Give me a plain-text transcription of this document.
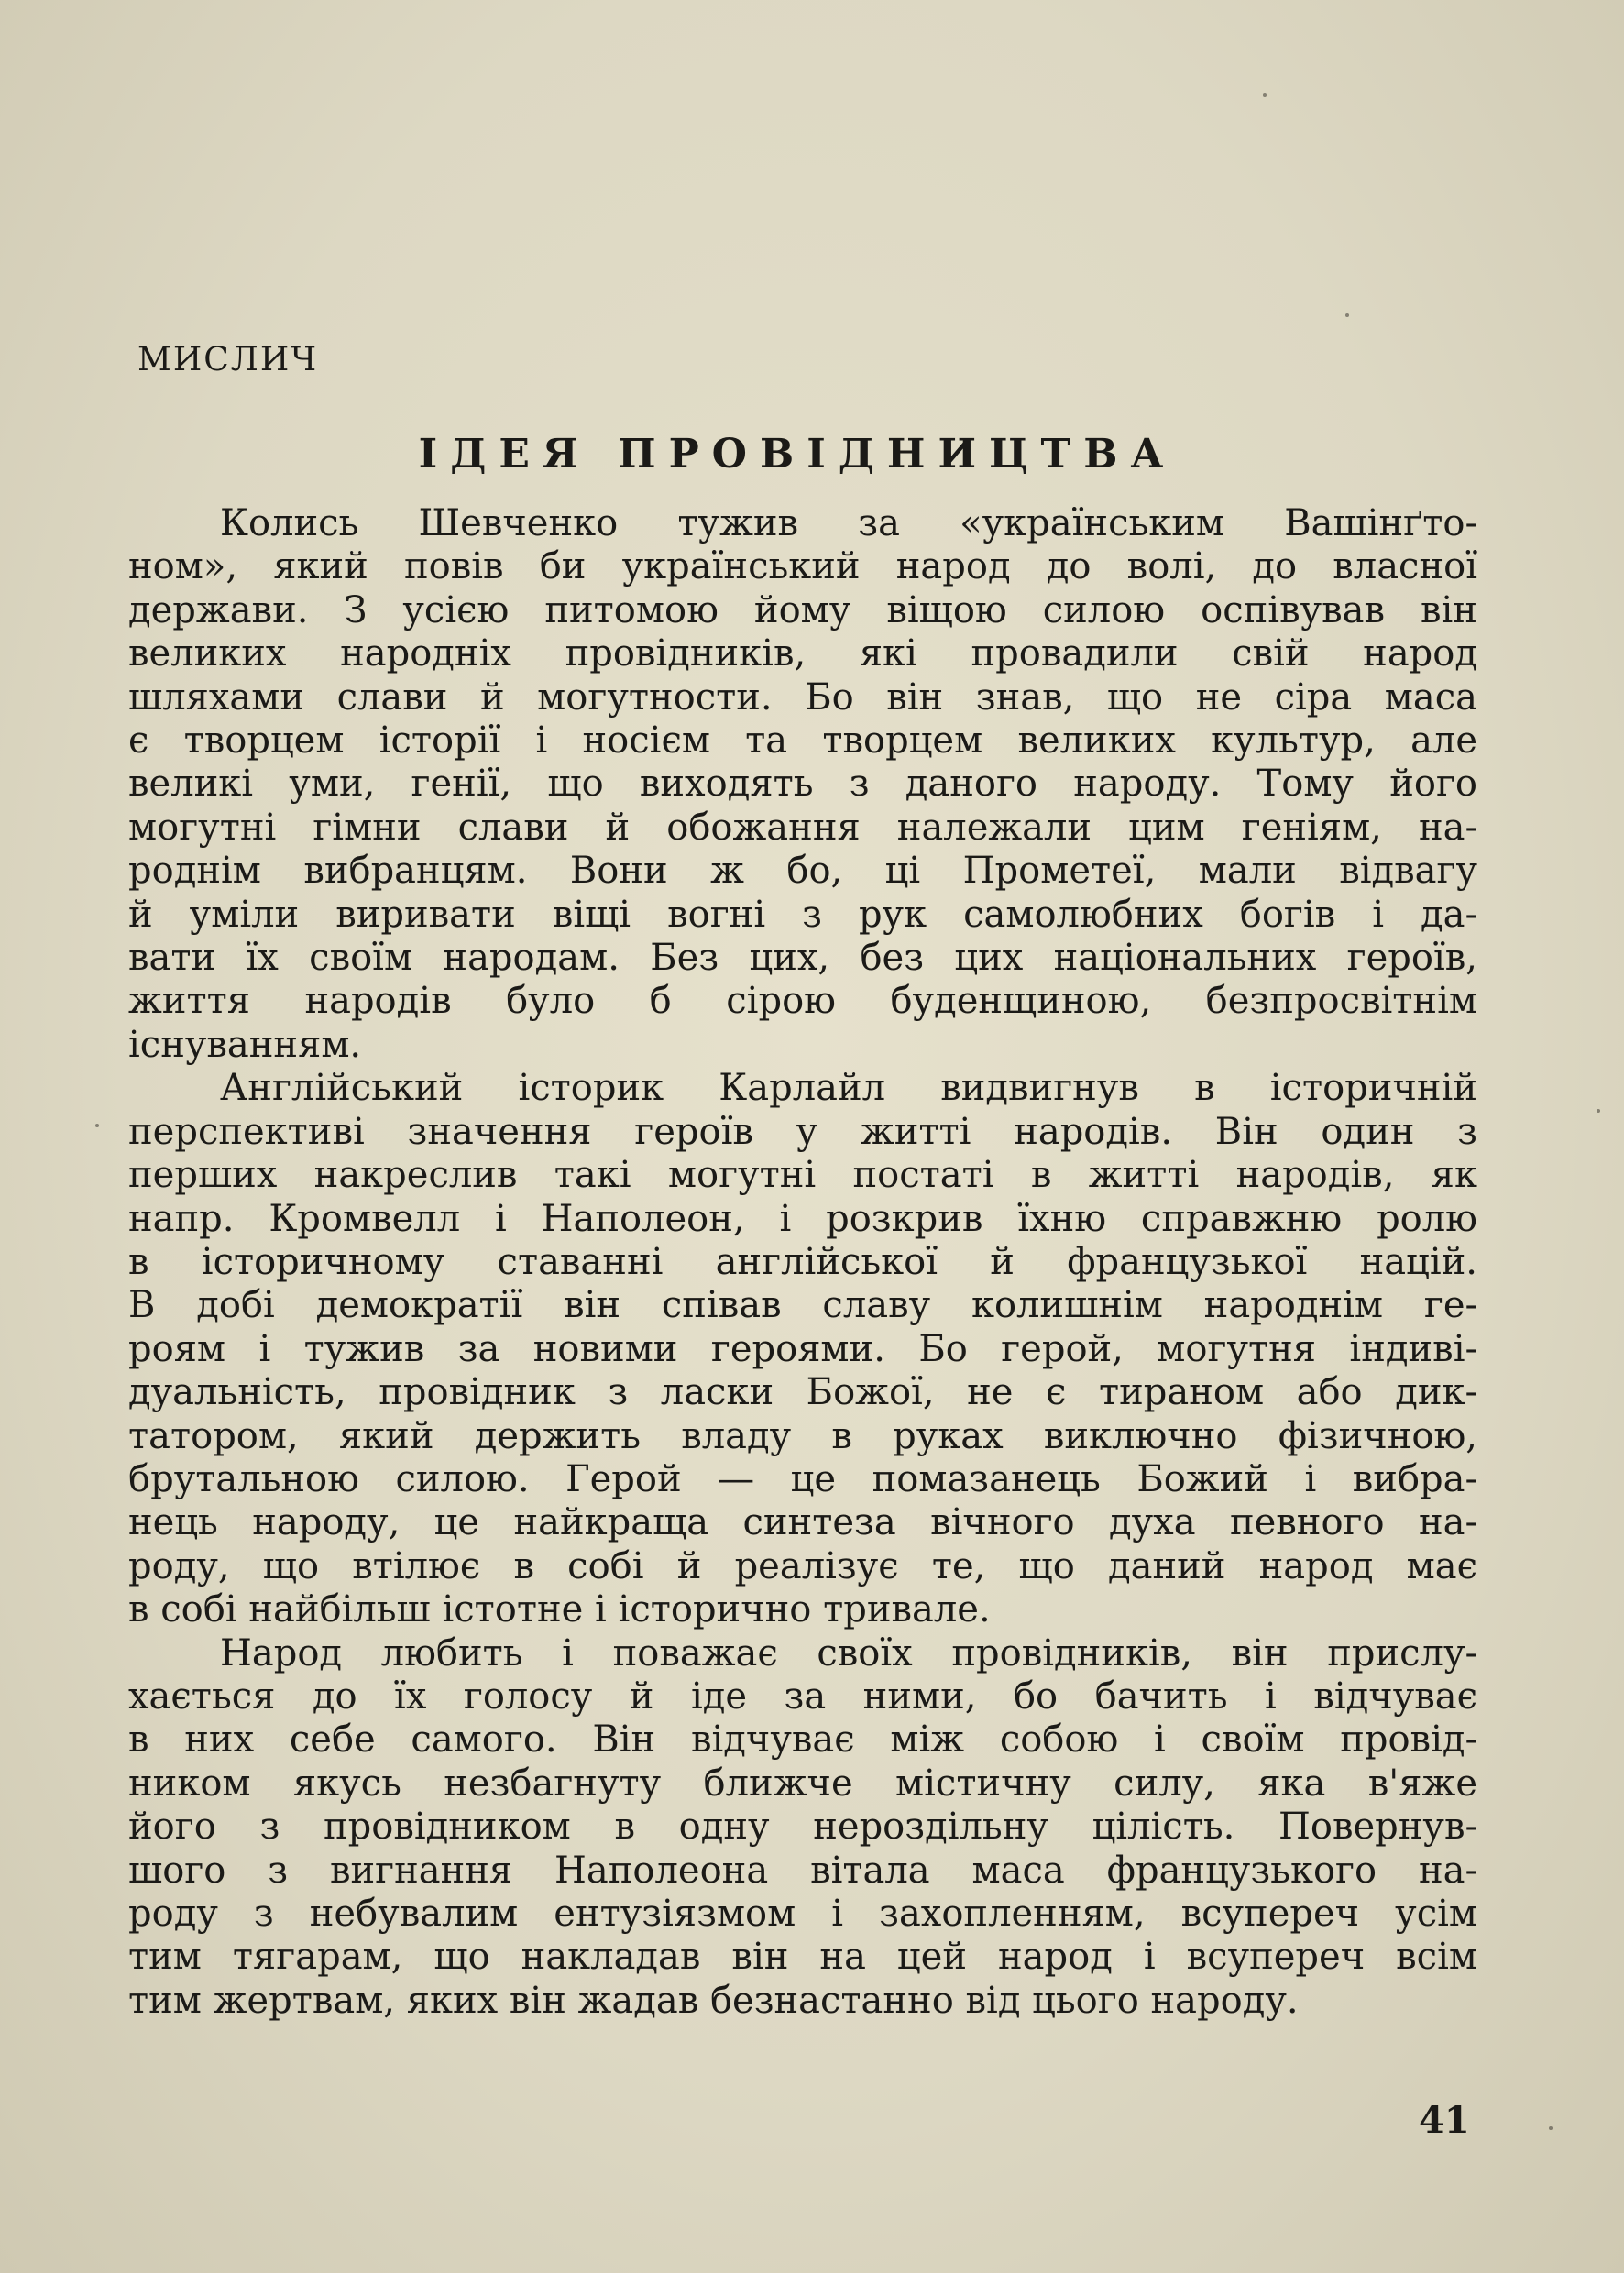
МИСЛИЧ
ІДЕЯ ПРОВІДНИЦТВА
Колись Шевченко тужив за «українським Вашінґто-
ном», який повів би український народ до волі, до власної
держави. З усією питомою йому віщою силою оспівував він
великих народніх провідників, які провадили свій народ
шляхами слави й могутности. Бо він знав, що не сіра маса
є творцем історії і носієм та творцем великих культур, але
великі уми, генії, що виходять з даного народу. Тому його
могутні гімни слави й обожання належали цим геніям, на-
роднім вибранцям. Вони ж бо, ці Прометеї, мали відвагу
й уміли виривати віщі вогні з рук самолюбних богів і да-
вати їх своїм народам. Без цих, без цих національних героїв,
життя народів було б сірою буденщиною, безпросвітнім
існуванням.
Англійський історик Карлайл видвигнув в історичній
перспективі значення героїв у житті народів. Він один з
перших накреслив такі могутні постаті в житті народів, як
напр. Кромвелл і Наполеон, і розкрив їхню справжню ролю
в історичному ставанні англійської й французької націй.
В добі демократії він співав славу колишнім народнім ге-
роям і тужив за новими героями. Бо герой, могутня індиві-
дуальність, провідник з ласки Божої, не є тираном або дик-
татором, який держить владу в руках виключно фізичною,
брутальною силою. Герой — це помазанець Божий і вибра-
нець народу, це найкраща синтеза вічного духа певного на-
роду, що втілює в собі й реалізує те, що даний народ має
в собі найбільш істотне і історично тривале.
Народ любить і поважає своїх провідників, він прислу-
хається до їх голосу й іде за ними, бо бачить і відчуває
в них себе самого. Він відчуває між собою і своїм провід-
ником якусь незбагнуту ближче містичну силу, яка в'яже
його з провідником в одну нероздільну цілість. Повернув-
шого з вигнання Наполеона вітала маса французького на-
роду з небувалим ентузіязмом і захопленням, всупереч усім
тим тягарам, що накладав він на цей народ і всупереч всім
тим жертвам, яких він жадав безнастанно від цього народу.
41
